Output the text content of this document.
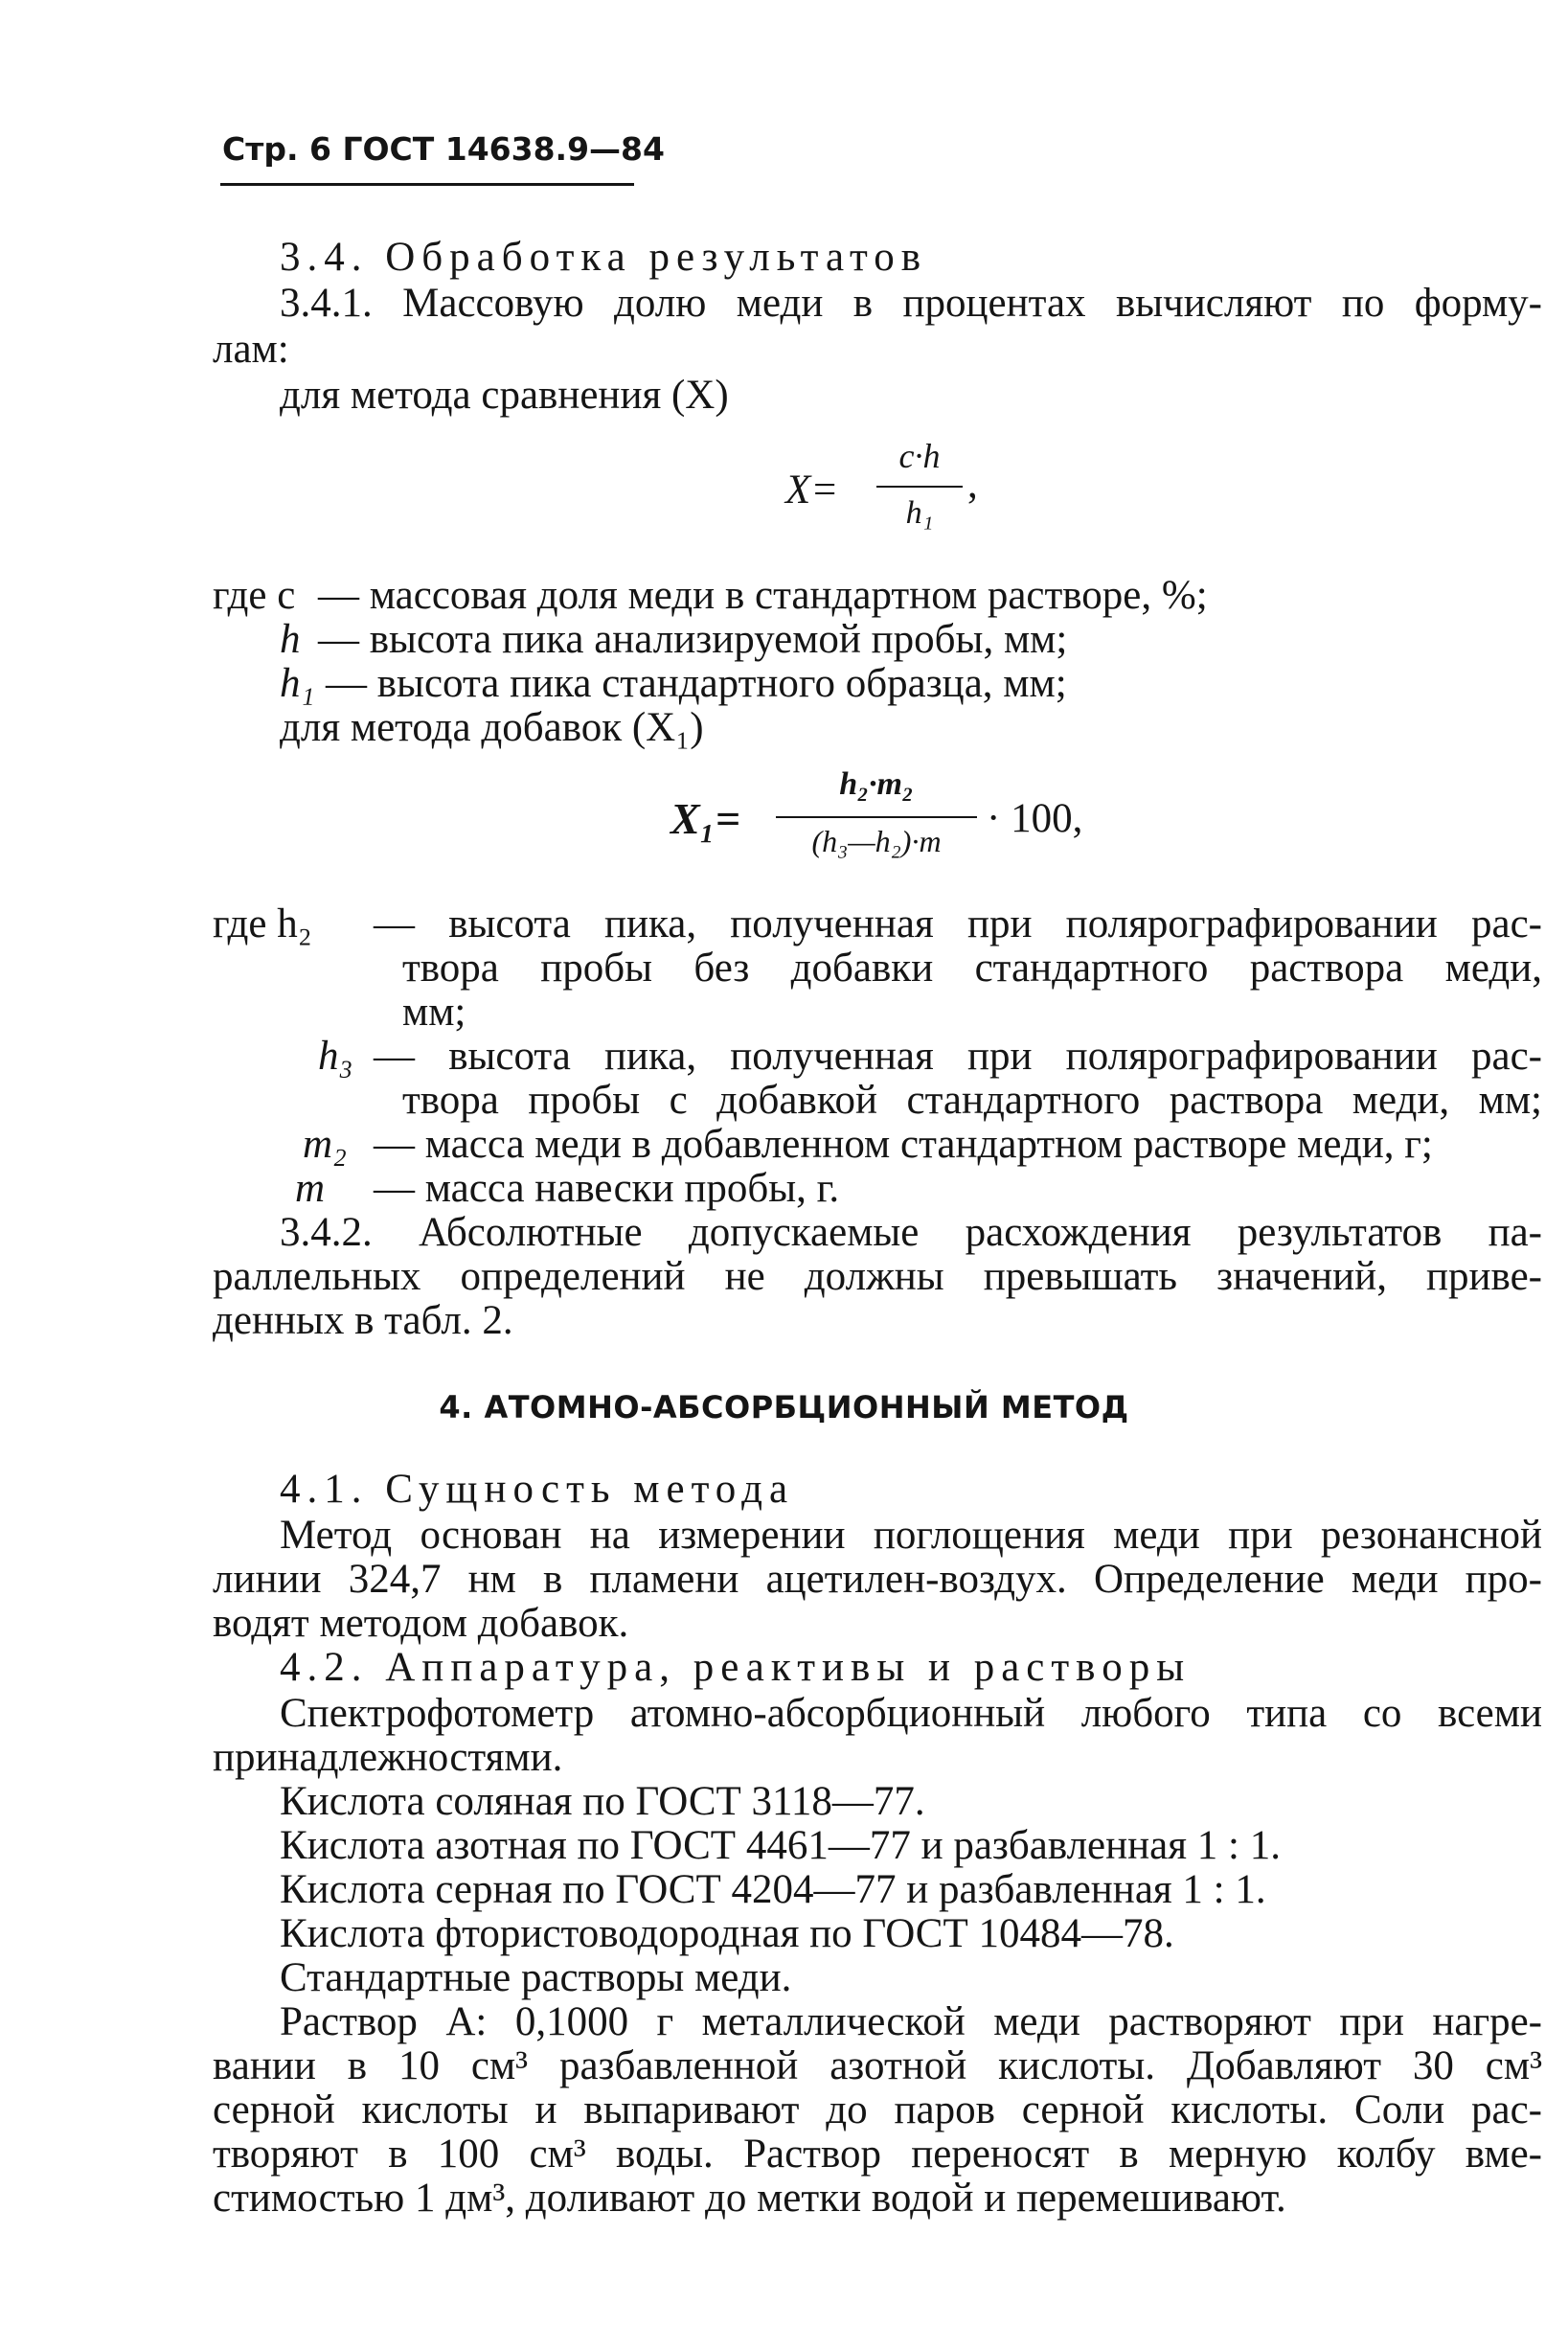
Стр. 6 ГОСТ 14638.9—84
3.4. Обработка результатов
3.4.1. Массовую долю меди в процентах вычисляют по форму-
лам:
для метода сравнения (X)
X=
c·h
h₁
,
где c — массовая доля меди в стандартном растворе, %;
h — высота пика анализируемой пробы, мм;
h₁ — высота пика стандартного образца, мм;
для метода добавок (X₁)
X₁=
h₂·m₂
(h₃—h₂)·m	· 100,
где h₂ — высота пика, полученная при полярографировании рас-
твора пробы без добавки стандартного раствора меди,
мм;
h₃ — высота пика, полученная при полярографировании рас-
твора пробы с добавкой стандартного раствора меди, мм;
m₂ — масса меди в добавленном стандартном растворе меди, г;
m — масса навески пробы, г.
3.4.2. Абсолютные допускаемые расхождения результатов па-
раллельных определений не должны превышать значений, приве-
денных в табл. 2.
4. АТОМНО-АБСОРБЦИОННЫЙ МЕТОД
4.1. Сущность метода
Метод основан на измерении поглощения меди при резонансной
линии 324,7 нм в пламени ацетилен-воздух. Определение меди про-
водят методом добавок.
4.2. Аппаратура, реактивы и растворы
Спектрофотометр атомно-абсорбционный любого типа со всеми
принадлежностями.
Кислота соляная по ГОСТ 3118—77.
Кислота азотная по ГОСТ 4461—77 и разбавленная 1 : 1.
Кислота серная по ГОСТ 4204—77 и разбавленная 1 : 1.
Кислота фтористоводородная по ГОСТ 10484—78.
Стандартные растворы меди.
Раствор А: 0,1000 г металлической меди растворяют при нагре-
вании в 10 см³ разбавленной азотной кислоты. Добавляют 30 см³
серной кислоты и выпаривают до паров серной кислоты. Соли рас-
творяют в 100 см³ воды. Раствор переносят в мерную колбу вме-
стимостью 1 дм³, доливают до метки водой и перемешивают.
